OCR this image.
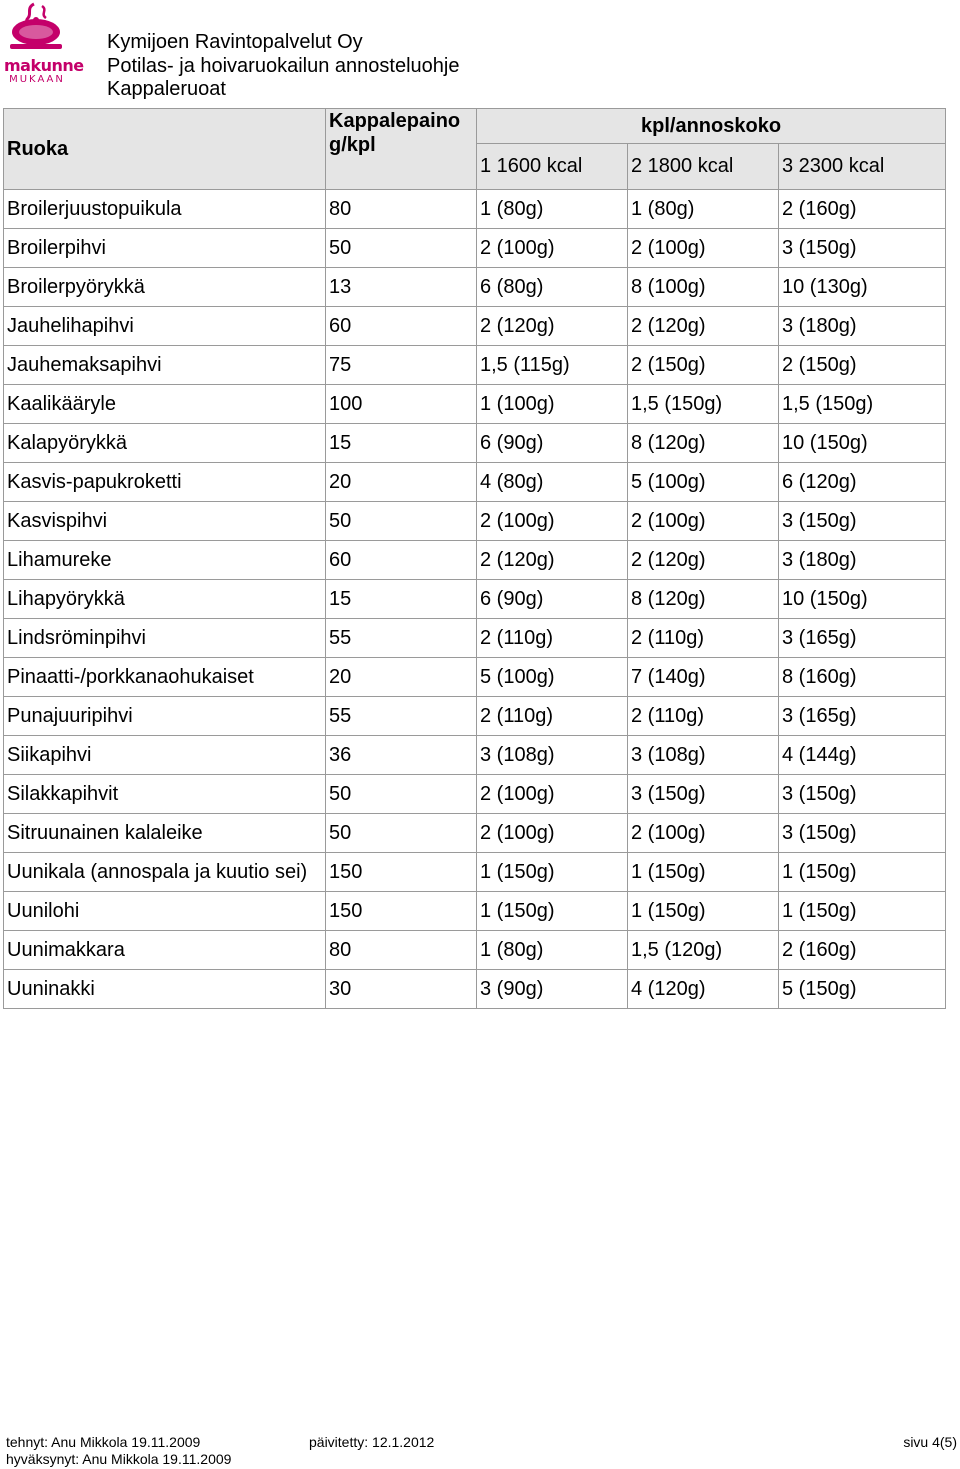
makunne
MUKAAN
Kymijoen Ravintopalvelut Oy
Potilas- ja hoivaruokailun annosteluohje
Kappaleruoat
Ruoka	Kappalepaino g/kpl	kpl/annoskoko		
		1 1600 kcal	2 1800 kcal	3 2300 kcal
Broilerjuustopuikula	80	1 (80g)	1 (80g)	2 (160g)
Broilerpihvi	50	2 (100g)	2 (100g)	3 (150g)
Broilerpyörykkä	13	6 (80g)	8 (100g)	10 (130g)
Jauhelihapihvi	60	2 (120g)	2 (120g)	3 (180g)
Jauhemaksapihvi	75	1,5 (115g)	2 (150g)	2 (150g)
Kaalikääryle	100	1 (100g)	1,5 (150g)	1,5 (150g)
Kalapyörykkä	15	6 (90g)	8 (120g)	10 (150g)
Kasvis-papukroketti	20	4 (80g)	5 (100g)	6 (120g)
Kasvispihvi	50	2 (100g)	2 (100g)	3 (150g)
Lihamureke	60	2 (120g)	2 (120g)	3 (180g)
Lihapyörykkä	15	6 (90g)	8 (120g)	10 (150g)
Lindsröminpihvi	55	2 (110g)	2 (110g)	3 (165g)
Pinaatti-/porkkanaohukaiset	20	5 (100g)	7 (140g)	8 (160g)
Punajuuripihvi	55	2 (110g)	2 (110g)	3 (165g)
Siikapihvi	36	3 (108g)	3 (108g)	4 (144g)
Silakkapihvit	50	2 (100g)	3 (150g)	3 (150g)
Sitruunainen kalaleike	50	2 (100g)	2 (100g)	3 (150g)
Uunikala (annospala ja kuutio sei)	150	1 (150g)	1 (150g)	1 (150g)
Uunilohi	150	1 (150g)	1 (150g)	1 (150g)
Uunimakkara	80	1 (80g)	1,5 (120g)	2 (160g)
Uuninakki	30	3 (90g)	4 (120g)	5 (150g)
tehnyt: Anu Mikkola 19.11.2009
hyväksynyt: Anu Mikkola 19.11.2009
päivitetty: 12.1.2012	sivu 4(5)
